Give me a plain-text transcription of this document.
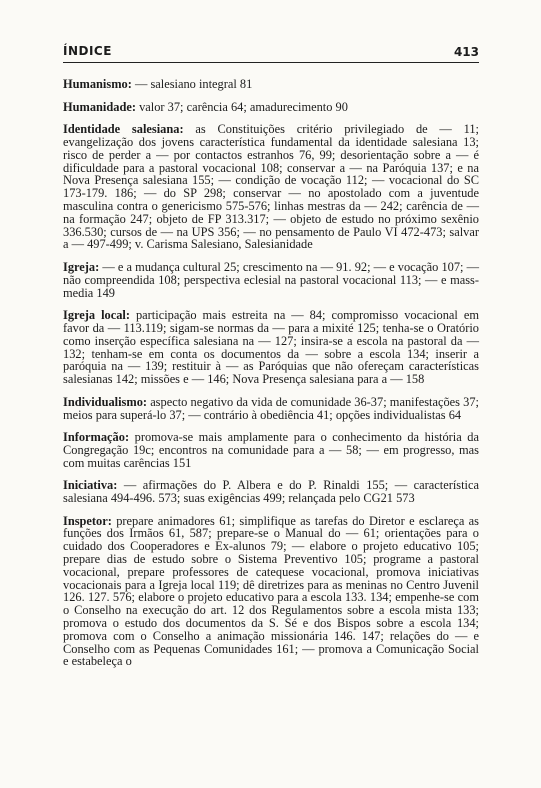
ÍNDICE	413

Humanismo: — salesiano integral 81

Humanidade: valor 37; carência 64; amadurecimento 90

Identidade salesiana: as Constituições critério privilegiado de — 11; evangelização dos jovens característica fundamental da identidade salesiana 13; risco de perder a — por contactos estranhos 76, 99; desorientação sobre a — é dificuldade para a pastoral vocacional 108; conservar a — na Paróquia 137; e na Nova Presença salesiana 155; — condição de vocação 112; — vocacional do SC 173-179. 186; — do SP 298; conservar — no apostolado com a juventude masculina contra o genericismo 575-576; linhas mestras da — 242; carência de — na formação 247; objeto de FP 313.317; — objeto de estudo no próximo sexênio 336.530; cursos de — na UPS 356; — no pensamento de Paulo VI 472-473; salvar a — 497-499; v. Carisma Salesiano, Salesianidade

Igreja: — e a mudança cultural 25; crescimento na — 91. 92; — e vocação 107; — não compreendida 108; perspectiva eclesial na pastoral vocacional 113; — e mass-media 149

Igreja local: participação mais estreita na — 84; compromisso vocacional em favor da — 113.119; sigam-se normas da — para a mixité 125; tenha-se o Oratório como inserção específica salesiana na — 127; insira-se a escola na pastoral da — 132; tenham-se em conta os documentos da — sobre a escola 134; inserir a paróquia na — 139; restituir à — as Paróquias que não ofereçam características salesianas 142; missões e — 146; Nova Presença salesiana para a — 158

Individualismo: aspecto negativo da vida de comunidade 36-37; manifestações 37; meios para superá-lo 37; — contrário à obediência 41; opções individualistas 64

Informação: promova-se mais amplamente para o conhecimento da história da Congregação 19c; encontros na comunidade para a — 58; — em progresso, mas com muitas carências 151

Iniciativa: — afirmações do P. Albera e do P. Rinaldi 155; — característica salesiana 494-496. 573; suas exigências 499; relançada pelo CG21 573

Inspetor: prepare animadores 61; simplifique as tarefas do Diretor e esclareça as funções dos Irmãos 61, 587; prepare-se o Manual do — 61; orientações para o cuidado dos Cooperadores e Ex-alunos 79; — elabore o projeto educativo 105; prepare dias de estudo sobre o Sistema Preventivo 105; programe a pastoral vocacional, prepare professores de catequese vocacional, promova iniciativas vocacionais para a Igreja local 119; dê diretrizes para as meninas no Centro Juvenil 126. 127. 576; elabore o projeto educativo para a escola 133. 134; empenhe-se com o Conselho na execução do art. 12 dos Regulamentos sobre a escola mista 133; promova o estudo dos documentos da S. Sé e dos Bispos sobre a escola 134; promova com o Conselho a animação missionária 146. 147; relações do — e Conselho com as Pequenas Comunidades 161; — promova a Comunicação Social e estabeleça o
